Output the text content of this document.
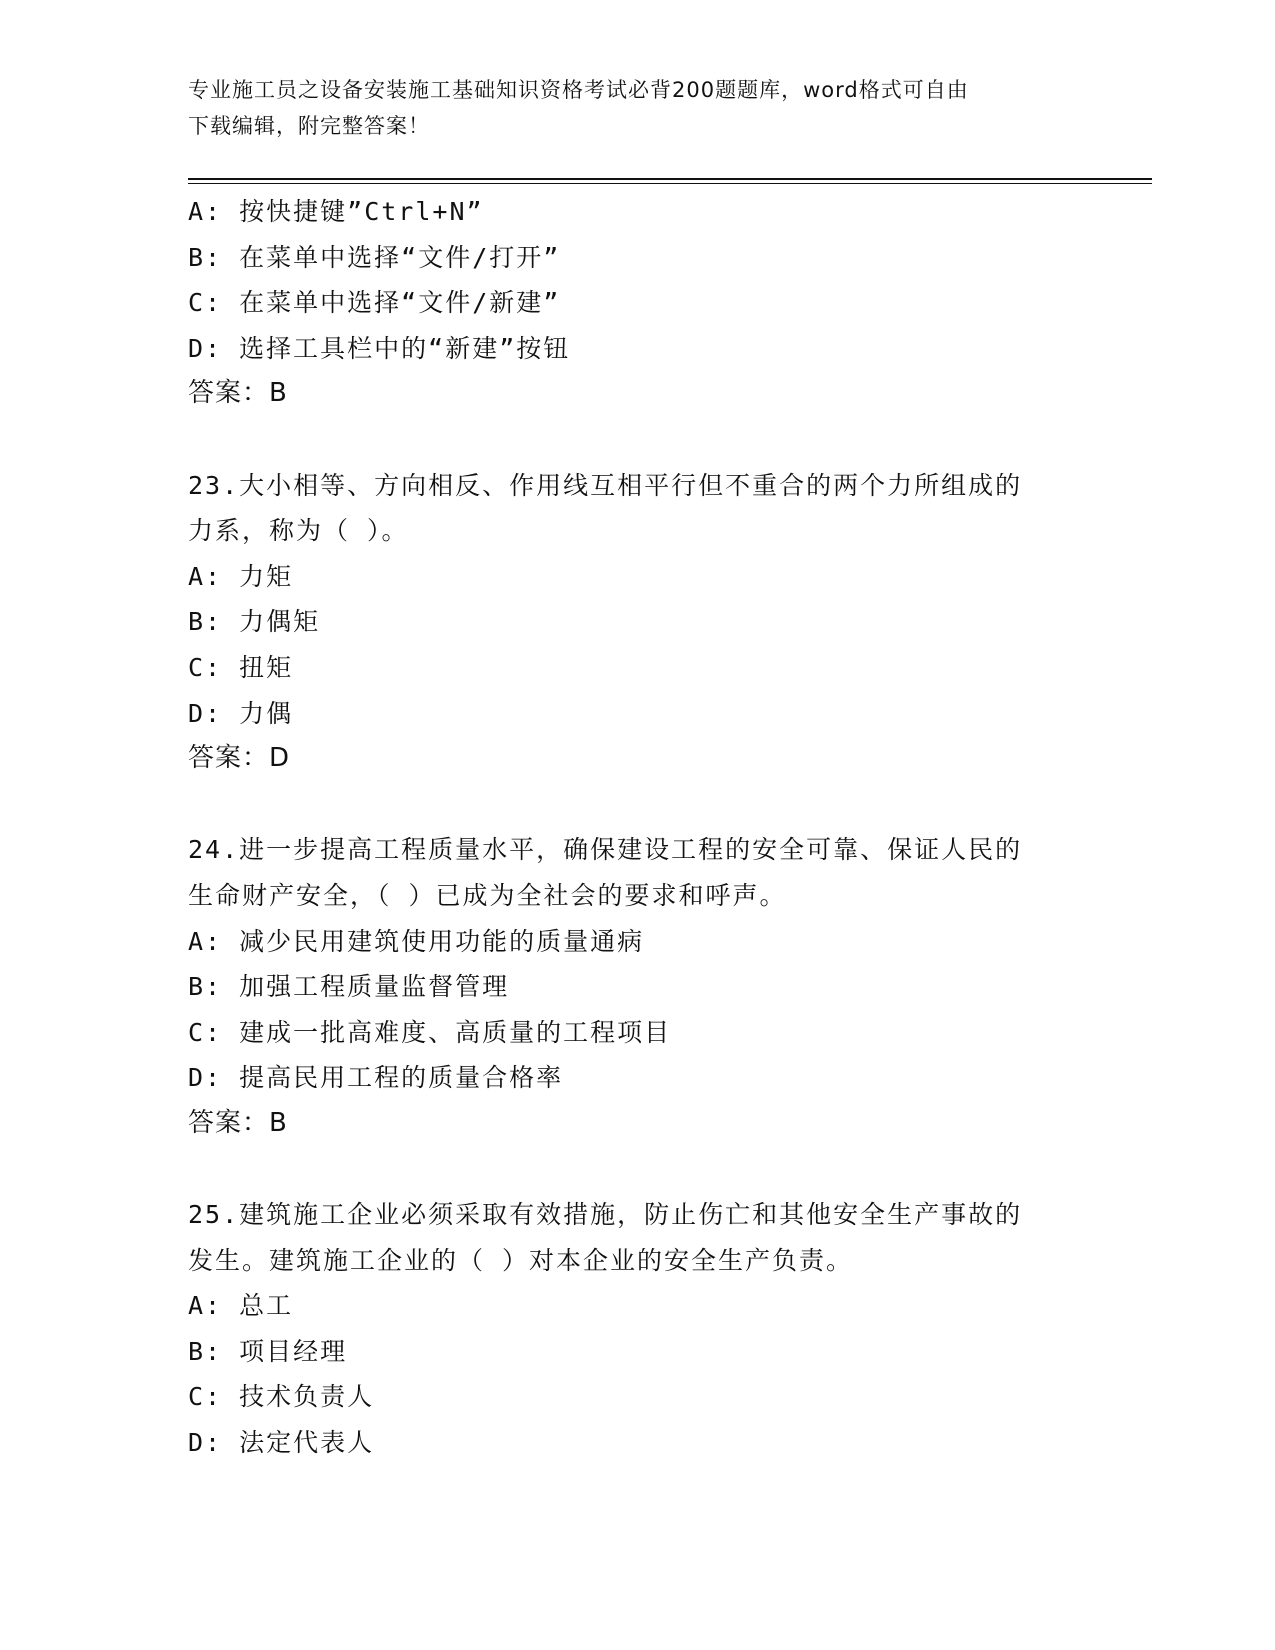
专业施工员之设备安装施工基础知识资格考试必背200题题库，word格式可自由
下载编辑，附完整答案！
A: 按快捷键”Ctrl+N”
B: 在菜单中选择“文件/打开”
C: 在菜单中选择“文件/新建”
D: 选择工具栏中的“新建”按钮
答案：B
23.大小相等、方向相反、作用线互相平行但不重合的两个力所组成的
力系，称为（ ）。
A: 力矩
B: 力偶矩
C: 扭矩
D: 力偶
答案：D
24.进一步提高工程质量水平，确保建设工程的安全可靠、保证人民的
生命财产安全，（ ）已成为全社会的要求和呼声。
A: 减少民用建筑使用功能的质量通病
B: 加强工程质量监督管理
C: 建成一批高难度、高质量的工程项目
D: 提高民用工程的质量合格率
答案：B
25.建筑施工企业必须采取有效措施，防止伤亡和其他安全生产事故的
发生。建筑施工企业的（ ）对本企业的安全生产负责。
A: 总工
B: 项目经理
C: 技术负责人
D: 法定代表人
